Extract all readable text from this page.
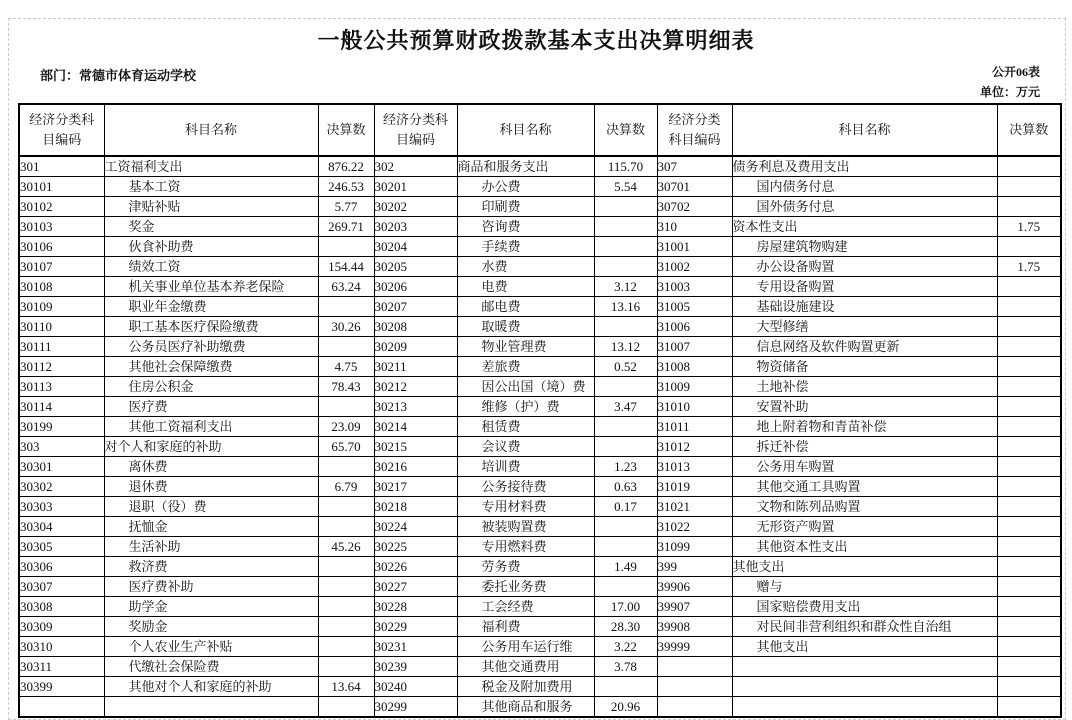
一般公共预算财政拨款基本支出决算明细表
部门：常德市体育运动学校	公开06表
单位：万元
经济分类科目编码	科目名称	决算数	经济分类科目编码	科目名称	决算数	经济分类科目编码	科目名称	决算数
301	工资福利支出	876.22	302	商品和服务支出	115.70	307	债务利息及费用支出	
30101	基本工资	246.53	30201	办公费	5.54	30701	国内债务付息	
30102	津贴补贴	5.77	30202	印刷费		30702	国外债务付息	
30103	奖金	269.71	30203	咨询费		310	资本性支出	1.75
30106	伙食补助费		30204	手续费		31001	房屋建筑物购建	
30107	绩效工资	154.44	30205	水费		31002	办公设备购置	1.75
30108	机关事业单位基本养老保险	63.24	30206	电费	3.12	31003	专用设备购置	
30109	职业年金缴费		30207	邮电费	13.16	31005	基础设施建设	
30110	职工基本医疗保险缴费	30.26	30208	取暖费		31006	大型修缮	
30111	公务员医疗补助缴费		30209	物业管理费	13.12	31007	信息网络及软件购置更新	
30112	其他社会保障缴费	4.75	30211	差旅费	0.52	31008	物资储备	
30113	住房公积金	78.43	30212	因公出国（境）费		31009	土地补偿	
30114	医疗费		30213	维修（护）费	3.47	31010	安置补助	
30199	其他工资福利支出	23.09	30214	租赁费		31011	地上附着物和青苗补偿	
303	对个人和家庭的补助	65.70	30215	会议费		31012	拆迁补偿	
30301	离休费		30216	培训费	1.23	31013	公务用车购置	
30302	退休费	6.79	30217	公务接待费	0.63	31019	其他交通工具购置	
30303	退职（役）费		30218	专用材料费	0.17	31021	文物和陈列品购置	
30304	抚恤金		30224	被装购置费		31022	无形资产购置	
30305	生活补助	45.26	30225	专用燃料费		31099	其他资本性支出	
30306	救济费		30226	劳务费	1.49	399	其他支出	
30307	医疗费补助		30227	委托业务费		39906	赠与	
30308	助学金		30228	工会经费	17.00	39907	国家赔偿费用支出	
30309	奖励金		30229	福利费	28.30	39908	对民间非营利组织和群众性自治组	
30310	个人农业生产补贴		30231	公务用车运行维	3.22	39999	其他支出	
30311	代缴社会保险费		30239	其他交通费用	3.78			
30399	其他对个人和家庭的补助	13.64	30240	税金及附加费用				
			30299	其他商品和服务	20.96			
